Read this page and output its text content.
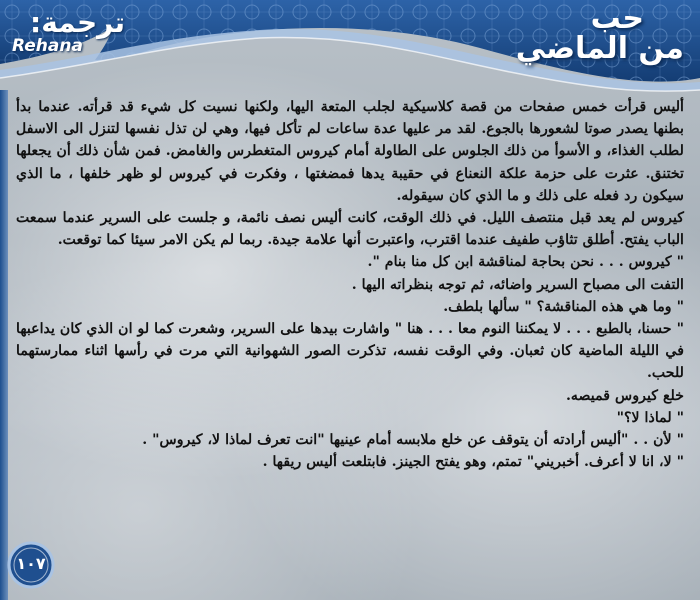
ترجمة:
Rehana
حب
من الماضي

أليس قرأت خمس صفحات من قصة كلاسيكية لجلب المتعة اليها، ولكنها نسيت كل شيء قد قرأته. عندما بدأ بطنها يصدر صوتا لشعورها بالجوع. لقد مر عليها عدة ساعات لم تأكل فيها، وهي لن تذل نفسها لتنزل الى الاسفل لطلب الغذاء، و الأسوأ من ذلك الجلوس على الطاولة أمام كيروس المتغطرس والغامض. فمن شأن ذلك أن يجعلها تختنق. عثرت على حزمة علكة النعناع في حقيبة يدها فمضغتها ، وفكرت في كيروس لو ظهر خلفها ، ما الذي سيكون رد فعله على ذلك و ما الذي كان سيقوله.

كيروس لم يعد قبل منتصف الليل. في ذلك الوقت، كانت أليس نصف نائمة، و جلست على السرير عندما سمعت الباب يفتح. أطلق تثاؤب طفيف عندما اقترب، واعتبرت أنها علامة جيدة. ربما لم يكن الامر سيئا كما توقعت.

" كيروس . . . نحن بحاجة لمناقشة ابن كل منا بنام ".

التفت الى مصباح السرير واضائه، ثم توجه بنظراته اليها .

" وما هي هذه المناقشة؟ " سألها بلطف.

" حسنا، بالطبع . . . لا يمكننا النوم معا . . . هنا " واشارت بيدها على السرير، وشعرت كما لو ان الذي كان يداعبها في الليلة الماضية كان ثعبان. وفي الوقت نفسه، تذكرت الصور الشهوانية التي مرت في رأسها اثناء ممارستهما للحب.

خلع كيروس قميصه.

" لماذا لا؟"

" لأن . . "أليس أرادته أن يتوقف عن خلع ملابسه أمام عينيها "انت تعرف لماذا لا، كيروس" .

" لا، انا لا أعرف. أخبريني" تمتم، وهو يفتح الجينز. فابتلعت أليس ريقها .

١٠٧
